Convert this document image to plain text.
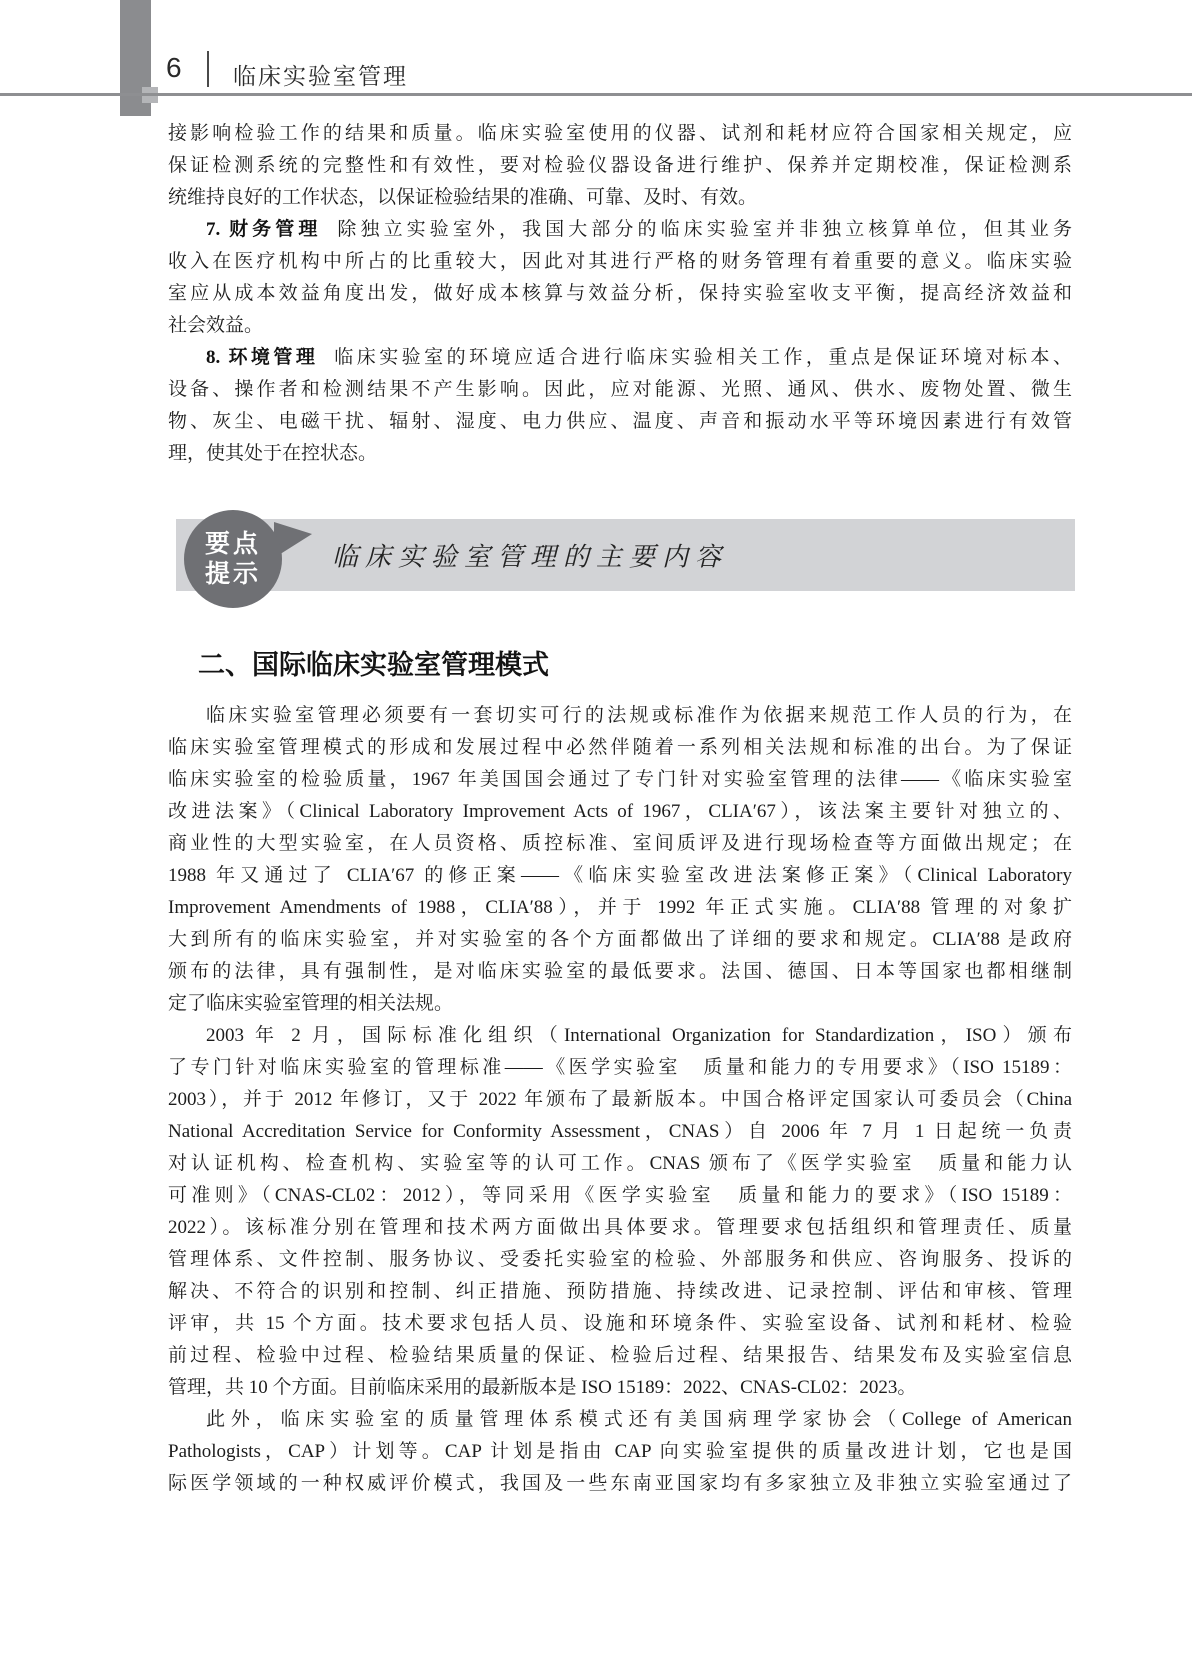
6 临床实验室管理
接影响检验工作的结果和质量。临床实验室使用的仪器、试剂和耗材应符合国家相关规定，应
保证检测系统的完整性和有效性，要对检验仪器设备进行维护、保养并定期校准，保证检测系
统维持良好的工作状态，以保证检验结果的准确、可靠、及时、有效。
7. 财务管理 除独立实验室外，我国大部分的临床实验室并非独立核算单位，但其业务
收入在医疗机构中所占的比重较大，因此对其进行严格的财务管理有着重要的意义。临床实验
室应从成本效益角度出发，做好成本核算与效益分析，保持实验室收支平衡，提高经济效益和
社会效益。
8. 环境管理 临床实验室的环境应适合进行临床实验相关工作，重点是保证环境对标本、
设备、操作者和检测结果不产生影响。因此，应对能源、光照、通风、供水、废物处置、微生
物、灰尘、电磁干扰、辐射、湿度、电力供应、温度、声音和振动水平等环境因素进行有效管
理，使其处于在控状态。
要点
提示
临床实验室管理的主要内容
二、国际临床实验室管理模式
临床实验室管理必须要有一套切实可行的法规或标准作为依据来规范工作人员的行为，在
临床实验室管理模式的形成和发展过程中必然伴随着一系列相关法规和标准的出台。为了保证
临床实验室的检验质量，1967 年美国国会通过了专门针对实验室管理的法律——《临床实验室
改进法案》（Clinical Laboratory Improvement Acts of 1967，CLIA′67），该法案主要针对独立的、
商业性的大型实验室，在人员资格、质控标准、室间质评及进行现场检查等方面做出规定；在
1988 年又通过了 CLIA′67 的修正案——《临床实验室改进法案修正案》（Clinical Laboratory
Improvement Amendments of 1988，CLIA′88），并于 1992 年正式实施。CLIA′88 管理的对象扩
大到所有的临床实验室，并对实验室的各个方面都做出了详细的要求和规定。CLIA′88 是政府
颁布的法律，具有强制性，是对临床实验室的最低要求。法国、德国、日本等国家也都相继制
定了临床实验室管理的相关法规。
2003 年 2 月，国际标准化组织（International Organization for Standardization，ISO）颁布
了专门针对临床实验室的管理标准——《医学实验室　质量和能力的专用要求》（ISO 15189：
2003），并于 2012 年修订，又于 2022 年颁布了最新版本。中国合格评定国家认可委员会（China
National Accreditation Service for Conformity Assessment，CNAS）自 2006 年 7 月 1 日起统一负责
对认证机构、检查机构、实验室等的认可工作。CNAS 颁布了《医学实验室　质量和能力认
可准则》（CNAS-CL02：2012），等同采用《医学实验室　质量和能力的要求》（ISO 15189：
2022）。该标准分别在管理和技术两方面做出具体要求。管理要求包括组织和管理责任、质量
管理体系、文件控制、服务协议、受委托实验室的检验、外部服务和供应、咨询服务、投诉的
解决、不符合的识别和控制、纠正措施、预防措施、持续改进、记录控制、评估和审核、管理
评审，共 15 个方面。技术要求包括人员、设施和环境条件、实验室设备、试剂和耗材、检验
前过程、检验中过程、检验结果质量的保证、检验后过程、结果报告、结果发布及实验室信息
管理，共 10 个方面。目前临床采用的最新版本是 ISO 15189：2022、CNAS-CL02：2023。
此外，临床实验室的质量管理体系模式还有美国病理学家协会（College of American
Pathologists，CAP）计划等。CAP 计划是指由 CAP 向实验室提供的质量改进计划，它也是国
际医学领域的一种权威评价模式，我国及一些东南亚国家均有多家独立及非独立实验室通过了
